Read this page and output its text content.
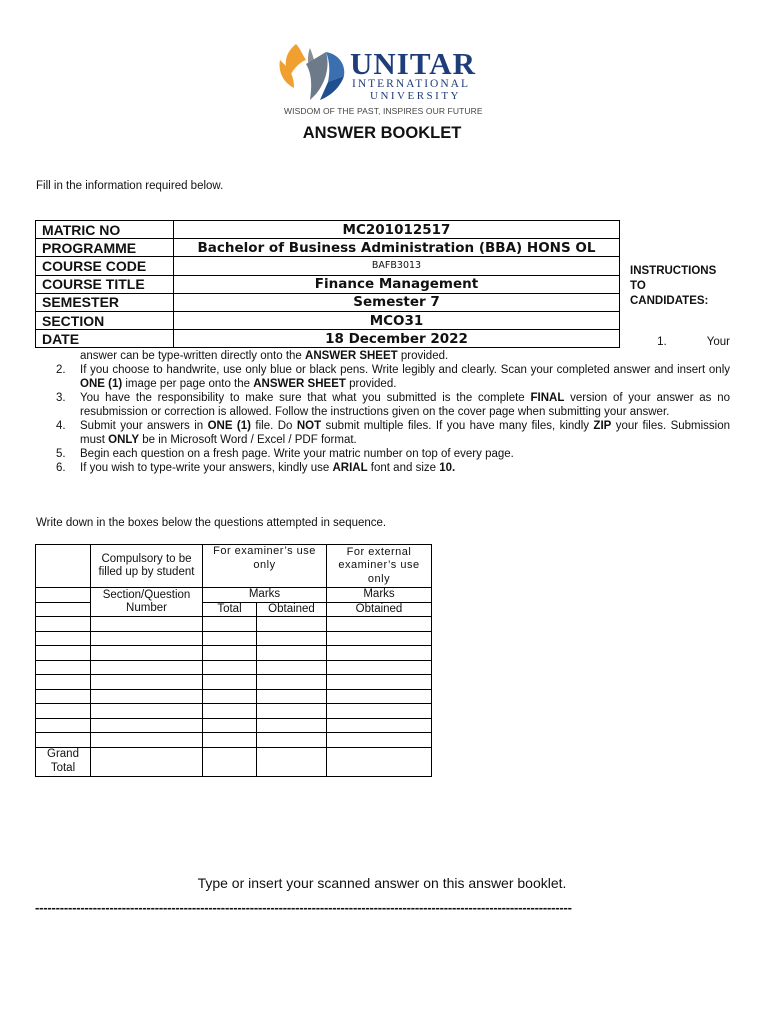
UNITAR
INTERNATIONAL
UNIVERSITY
WISDOM OF THE PAST, INSPIRES OUR FUTURE
ANSWER BOOKLET
Fill in the information required below.
MATRIC NO	MC201012517
PROGRAMME	Bachelor of Business Administration (BBA) HONS OL
COURSE CODE	BAFB3013
COURSE TITLE	Finance Management
SEMESTER	Semester 7
SECTION	MCO31
DATE	18 December 2022
INSTRUCTIONS
TO
CANDIDATES:
1.	Your
answer can be type-written directly onto the ANSWER SHEET provided.
2. If you choose to handwrite, use only blue or black pens. Write legibly and clearly. Scan your completed answer and insert only ONE (1) image per page onto the ANSWER SHEET provided.
3. You have the responsibility to make sure that what you submitted is the complete FINAL version of your answer as no resubmission or correction is allowed. Follow the instructions given on the cover page when submitting your answer.
4. Submit your answers in ONE (1) file. Do NOT submit multiple files. If you have many files, kindly ZIP your files. Submission must ONLY be in Microsoft Word / Excel / PDF format.
5. Begin each question on a fresh page. Write your matric number on top of every page.
6. If you wish to type-write your answers, kindly use ARIAL font and size 10.
Write down in the boxes below the questions attempted in sequence.
	Compulsory to be filled up by student	For examiner’s use only		For external examiner’s use only
	Section/Question Number	Marks		Marks
		Total	Obtained	Obtained

Grand Total				
Type or insert your scanned answer on this answer booklet.
----------------------------------------------------------------------------------------------------------------------------------
